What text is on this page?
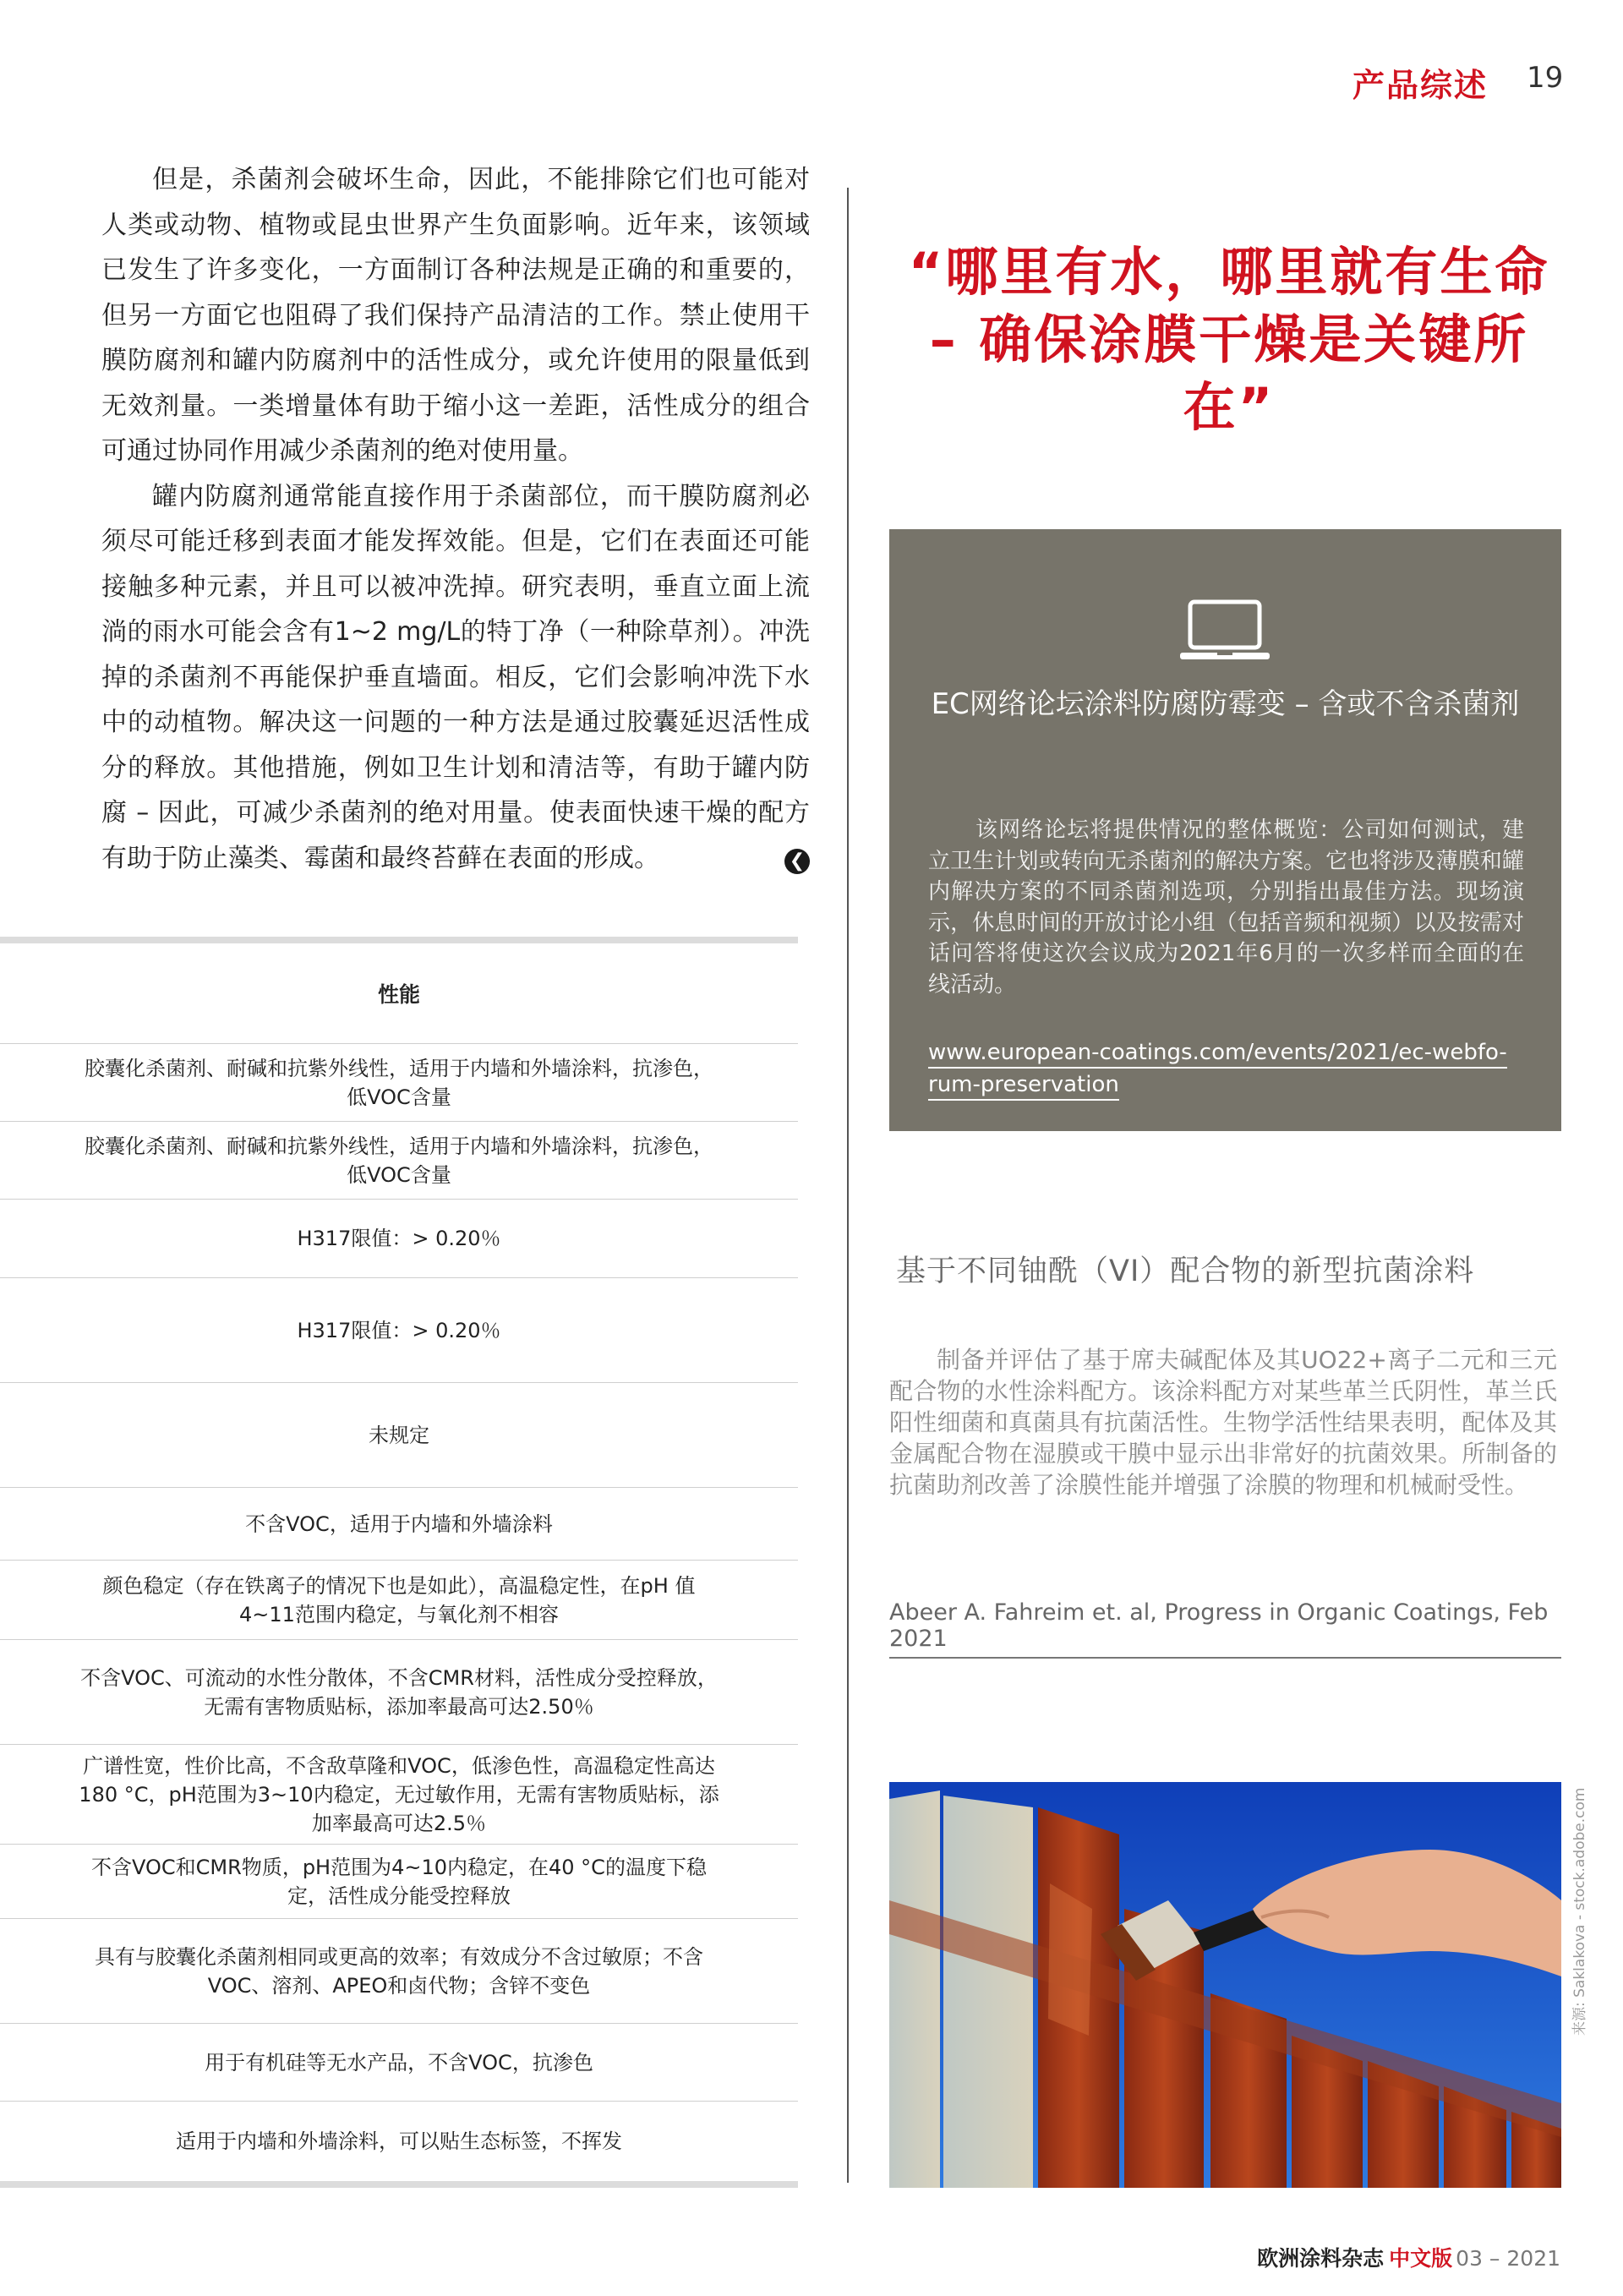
产品综述 19

但是，杀菌剂会破坏生命，因此，不能排除它们也可能对人类或动物、植物或昆虫世界产生负面影响。近年来，该领域已发生了许多变化，一方面制订各种法规是正确的和重要的，但另一方面它也阻碍了我们保持产品清洁的工作。禁止使用干膜防腐剂和罐内防腐剂中的活性成分，或允许使用的限量低到无效剂量。一类增量体有助于缩小这一差距，活性成分的组合可通过协同作用减少杀菌剂的绝对使用量。

罐内防腐剂通常能直接作用于杀菌部位，而干膜防腐剂必须尽可能迁移到表面才能发挥效能。但是，它们在表面还可能接触多种元素，并且可以被冲洗掉。研究表明，垂直立面上流淌的雨水可能会含有1~2 mg/L的特丁净（一种除草剂）。冲洗掉的杀菌剂不再能保护垂直墙面。相反，它们会影响冲洗下水中的动植物。解决这一问题的一种方法是通过胶囊延迟活性成分的释放。其他措施，例如卫生计划和清洁等，有助于罐内防腐 – 因此，可减少杀菌剂的绝对用量。使表面快速干燥的配方有助于防止藻类、霉菌和最终苔藓在表面的形成。	❮
性能
胶囊化杀菌剂、耐碱和抗紫外线性，适用于内墙和外墙涂料，抗渗色，低VOC含量
胶囊化杀菌剂、耐碱和抗紫外线性，适用于内墙和外墙涂料，抗渗色，低VOC含量
H317限值：> 0.20％
H317限值：> 0.20％
未规定
不含VOC，适用于内墙和外墙涂料
颜色稳定（存在铁离子的情况下也是如此），高温稳定性，在pH 值4~11范围内稳定，与氧化剂不相容
不含VOC、可流动的水性分散体，不含CMR材料，活性成分受控释放，无需有害物质贴标，添加率最高可达2.50％
广谱性宽，性价比高，不含敌草隆和VOC，低渗色性，高温稳定性高达180 °C，pH范围为3~10内稳定，无过敏作用，无需有害物质贴标，添加率最高可达2.5％
不含VOC和CMR物质，pH范围为4~10内稳定，在40 °C的温度下稳定，活性成分能受控释放
具有与胶囊化杀菌剂相同或更高的效率；有效成分不含过敏原；不含VOC、溶剂、APEO和卤代物；含锌不变色
用于有机硅等无水产品，不含VOC，抗渗色
适用于内墙和外墙涂料，可以贴生态标签，不挥发
“哪里有水，哪里就有生命 – 确保涂膜干燥是关键所在”
EC网络论坛涂料防腐防霉变 – 含或不含杀菌剂
该网络论坛将提供情况的整体概览：公司如何测试，建立卫生计划或转向无杀菌剂的解决方案。它也将涉及薄膜和罐内解决方案的不同杀菌剂选项，分别指出最佳方法。现场演示，休息时间的开放讨论小组（包括音频和视频）以及按需对话问答将使这次会议成为2021年6月的一次多样而全面的在线活动。
www.european-coatings.com/events/2021/ec-webfo-
rum-preservation
基于不同铀酰（VI）配合物的新型抗菌涂料
制备并评估了基于席夫碱配体及其UO22+离子二元和三元配合物的水性涂料配方。该涂料配方对某些革兰氏阴性，革兰氏阳性细菌和真菌具有抗菌活性。生物学活性结果表明，配体及其金属配合物在湿膜或干膜中显示出非常好的抗菌效果。所制备的抗菌助剂改善了涂膜性能并增强了涂膜的物理和机械耐受性。
Abeer A. Fahreim et. al, Progress in Organic Coatings, Feb 2021
来源: Saklakova - stock.adobe.com
欧洲涂料杂志 中文版 03 – 2021
